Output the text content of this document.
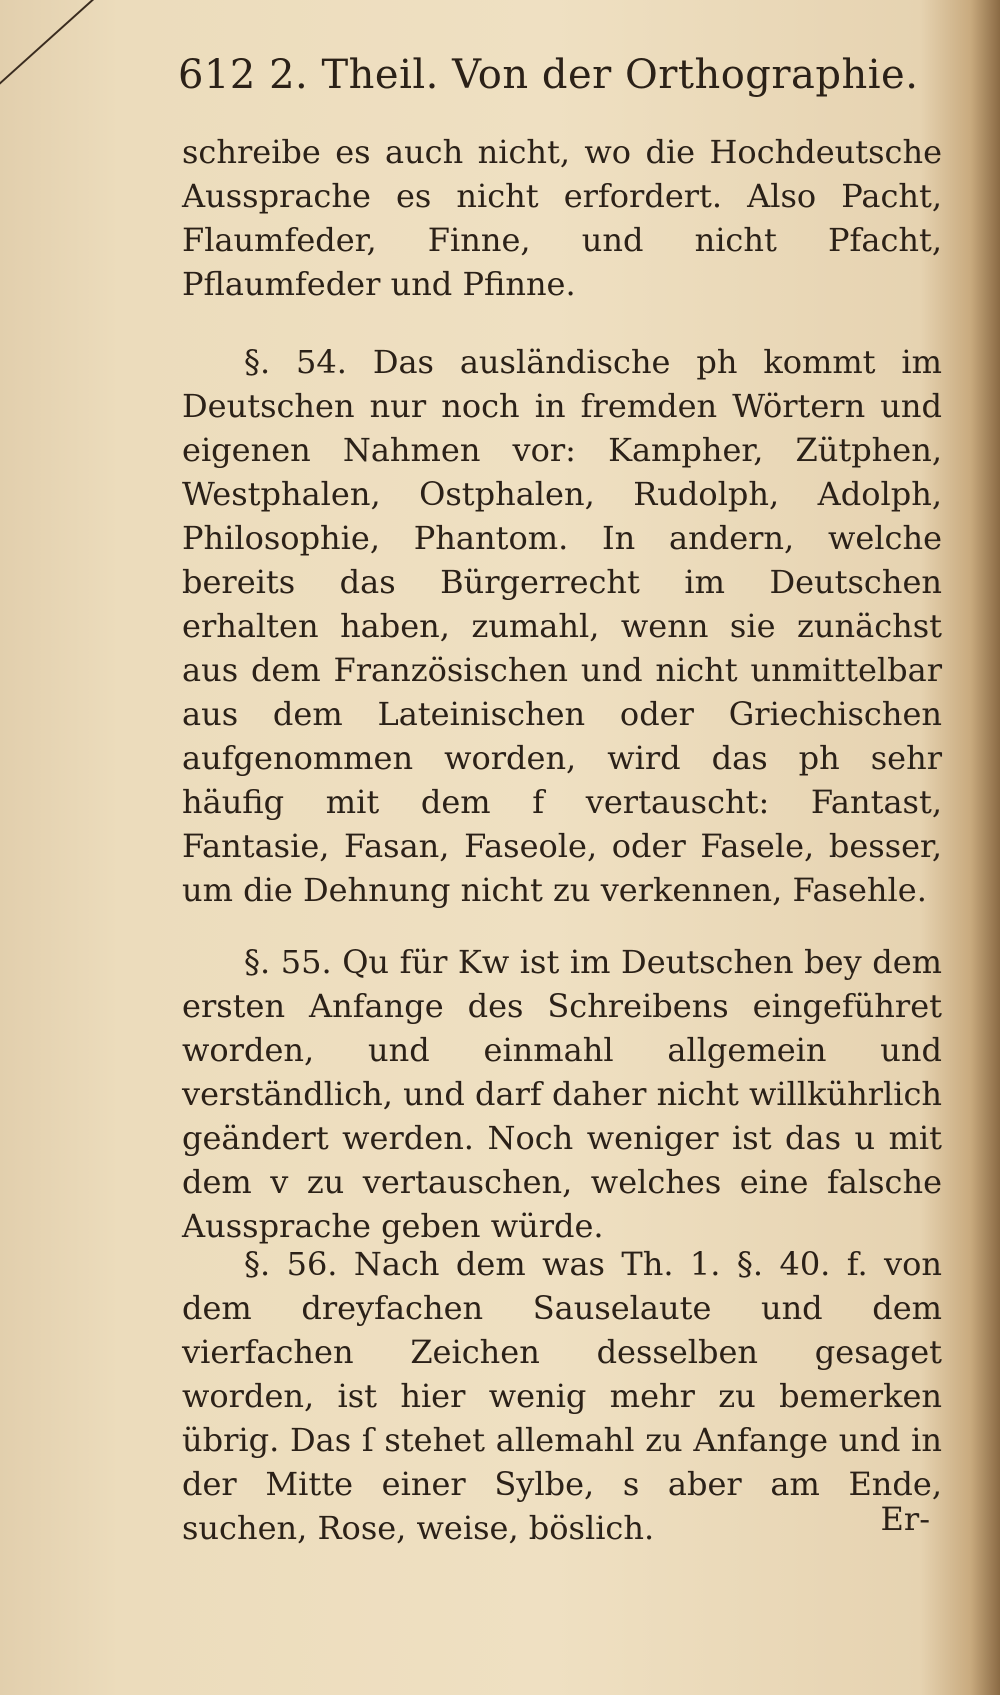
612 2. Theil. Von der Orthographie.

schreibe es auch nicht, wo die Hochdeutsche Aussprache es nicht erfordert. Also Pacht, Flaumfeder, Finne, und nicht Pfacht, Pflaumfeder und Pfinne.

§. 54. Das ausländische ph kommt im Deutschen nur noch in fremden Wörtern und eigenen Nahmen vor: Kampher, Zütphen, Westphalen, Ostphalen, Rudolph, Adolph, Philosophie, Phantom. In andern, welche bereits das Bürgerrecht im Deutschen erhalten haben, zumahl, wenn sie zunächst aus dem Französischen und nicht unmittelbar aus dem Lateinischen oder Griechischen aufgenommen worden, wird das ph sehr häufig mit dem f vertauscht: Fantast, Fantasie, Fasan, Faseole, oder Fasele, besser, um die Dehnung nicht zu verkennen, Fasehle.

§. 55. Qu für Kw ist im Deutschen bey dem ersten Anfange des Schreibens eingeführet worden, und einmahl allgemein und verständlich, und darf daher nicht willkührlich geändert werden. Noch weniger ist das u mit dem v zu vertauschen, welches eine falsche Aussprache geben würde.

§. 56. Nach dem was Th. 1. §. 40. f. von dem dreyfachen Sauselaute und dem vierfachen Zeichen desselben gesaget worden, ist hier wenig mehr zu bemerken übrig. Das ſ stehet allemahl zu Anfange und in der Mitte einer Sylbe, s aber am Ende, suchen, Rose, weise, böslich.	Er-
